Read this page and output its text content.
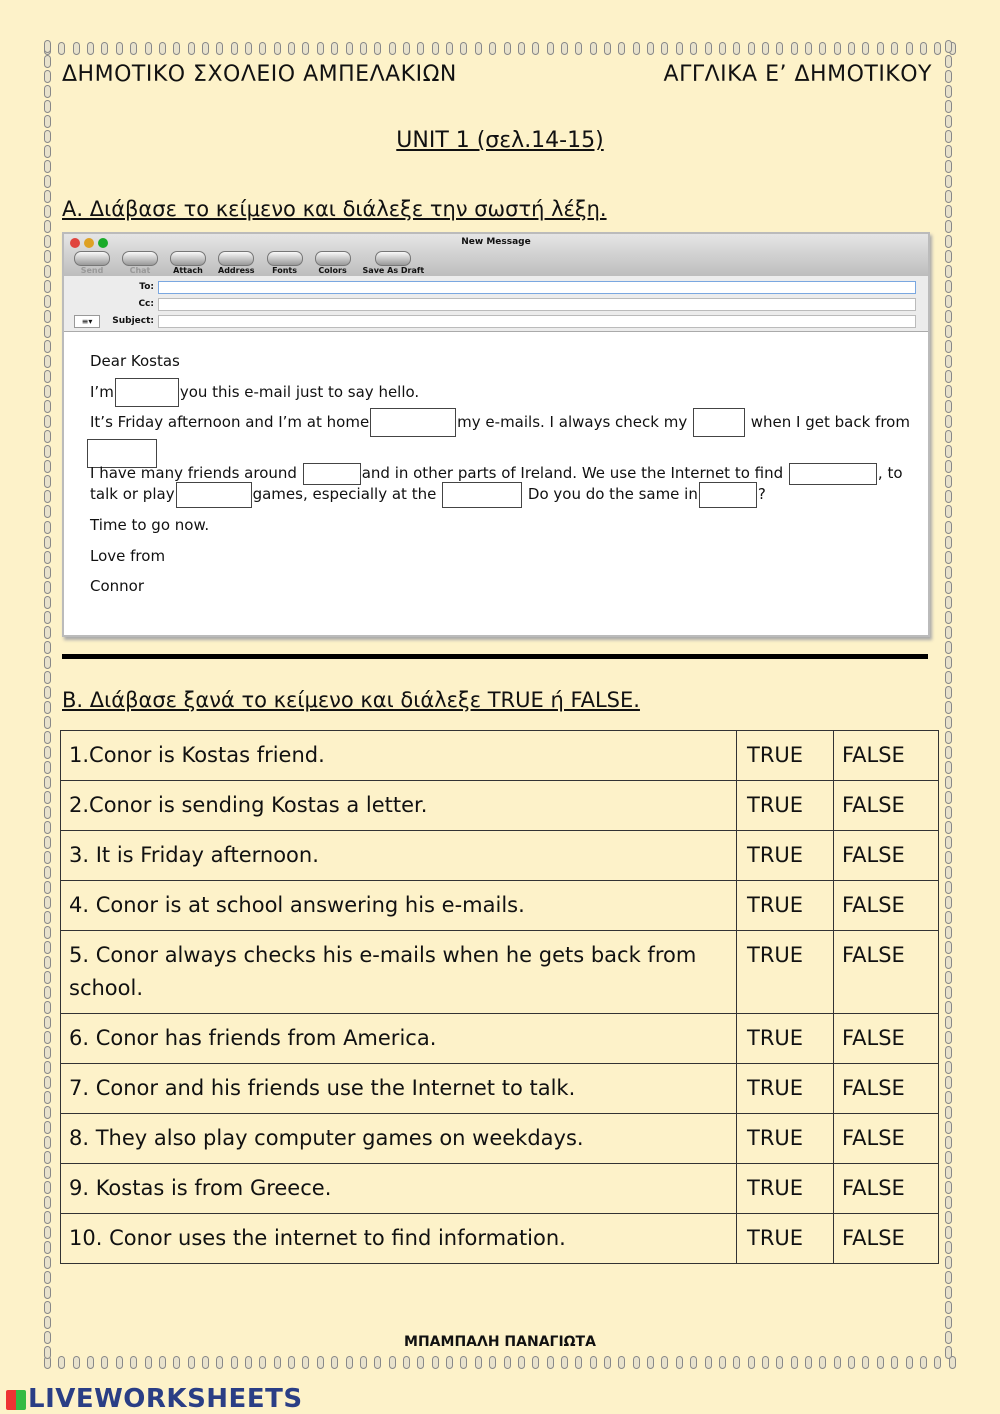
ΔΗΜΟΤΙΚΟ ΣΧΟΛΕΙΟ ΑΜΠΕΛΑΚΙΩΝ	ΑΓΓΛΙΚΑ Ε’ ΔΗΜΟΤΙΚΟΥ
UNIT 1 (σελ.14-15)
Α. Διάβασε το κείμενο και διάλεξε την σωστή λέξη.
New Message
Send	Chat	Attach Address Fonts	Colors Save As Draft
To:
Cc:
≡▾	Subject:
Dear Kostas
I’m	you this e-mail just to say hello.
It’s Friday afternoon and I’m at home	my e-mails. I always check my	when I get back from
I have many friends around	and in other parts of Ireland. We use the Internet to find	, to
talk or play	games, especially at the	Do you do the same in	?
Time to go now.
Love from
Connor
Β. Διάβασε ξανά το κείμενο και διάλεξε TRUE ή FALSE.
1.Conor is Kostas friend.	TRUE	FALSE
2.Conor is sending Kostas a letter.	TRUE	FALSE
3. It is Friday afternoon.	TRUE	FALSE
4. Conor is at school answering his e-mails.	TRUE	FALSE
5. Conor always checks his e-mails when he gets back from school.	TRUE	FALSE
6. Conor has friends from America.	TRUE	FALSE
7. Conor and his friends use the Internet to talk.	TRUE	FALSE
8. They also play computer games on weekdays.	TRUE	FALSE
9. Kostas is from Greece.	TRUE	FALSE
10. Conor uses the internet to find information.	TRUE	FALSE
ΜΠΑΜΠΑΛΗ ΠΑΝΑΓΙΩΤΑ
LIVEWORKSHEETS
